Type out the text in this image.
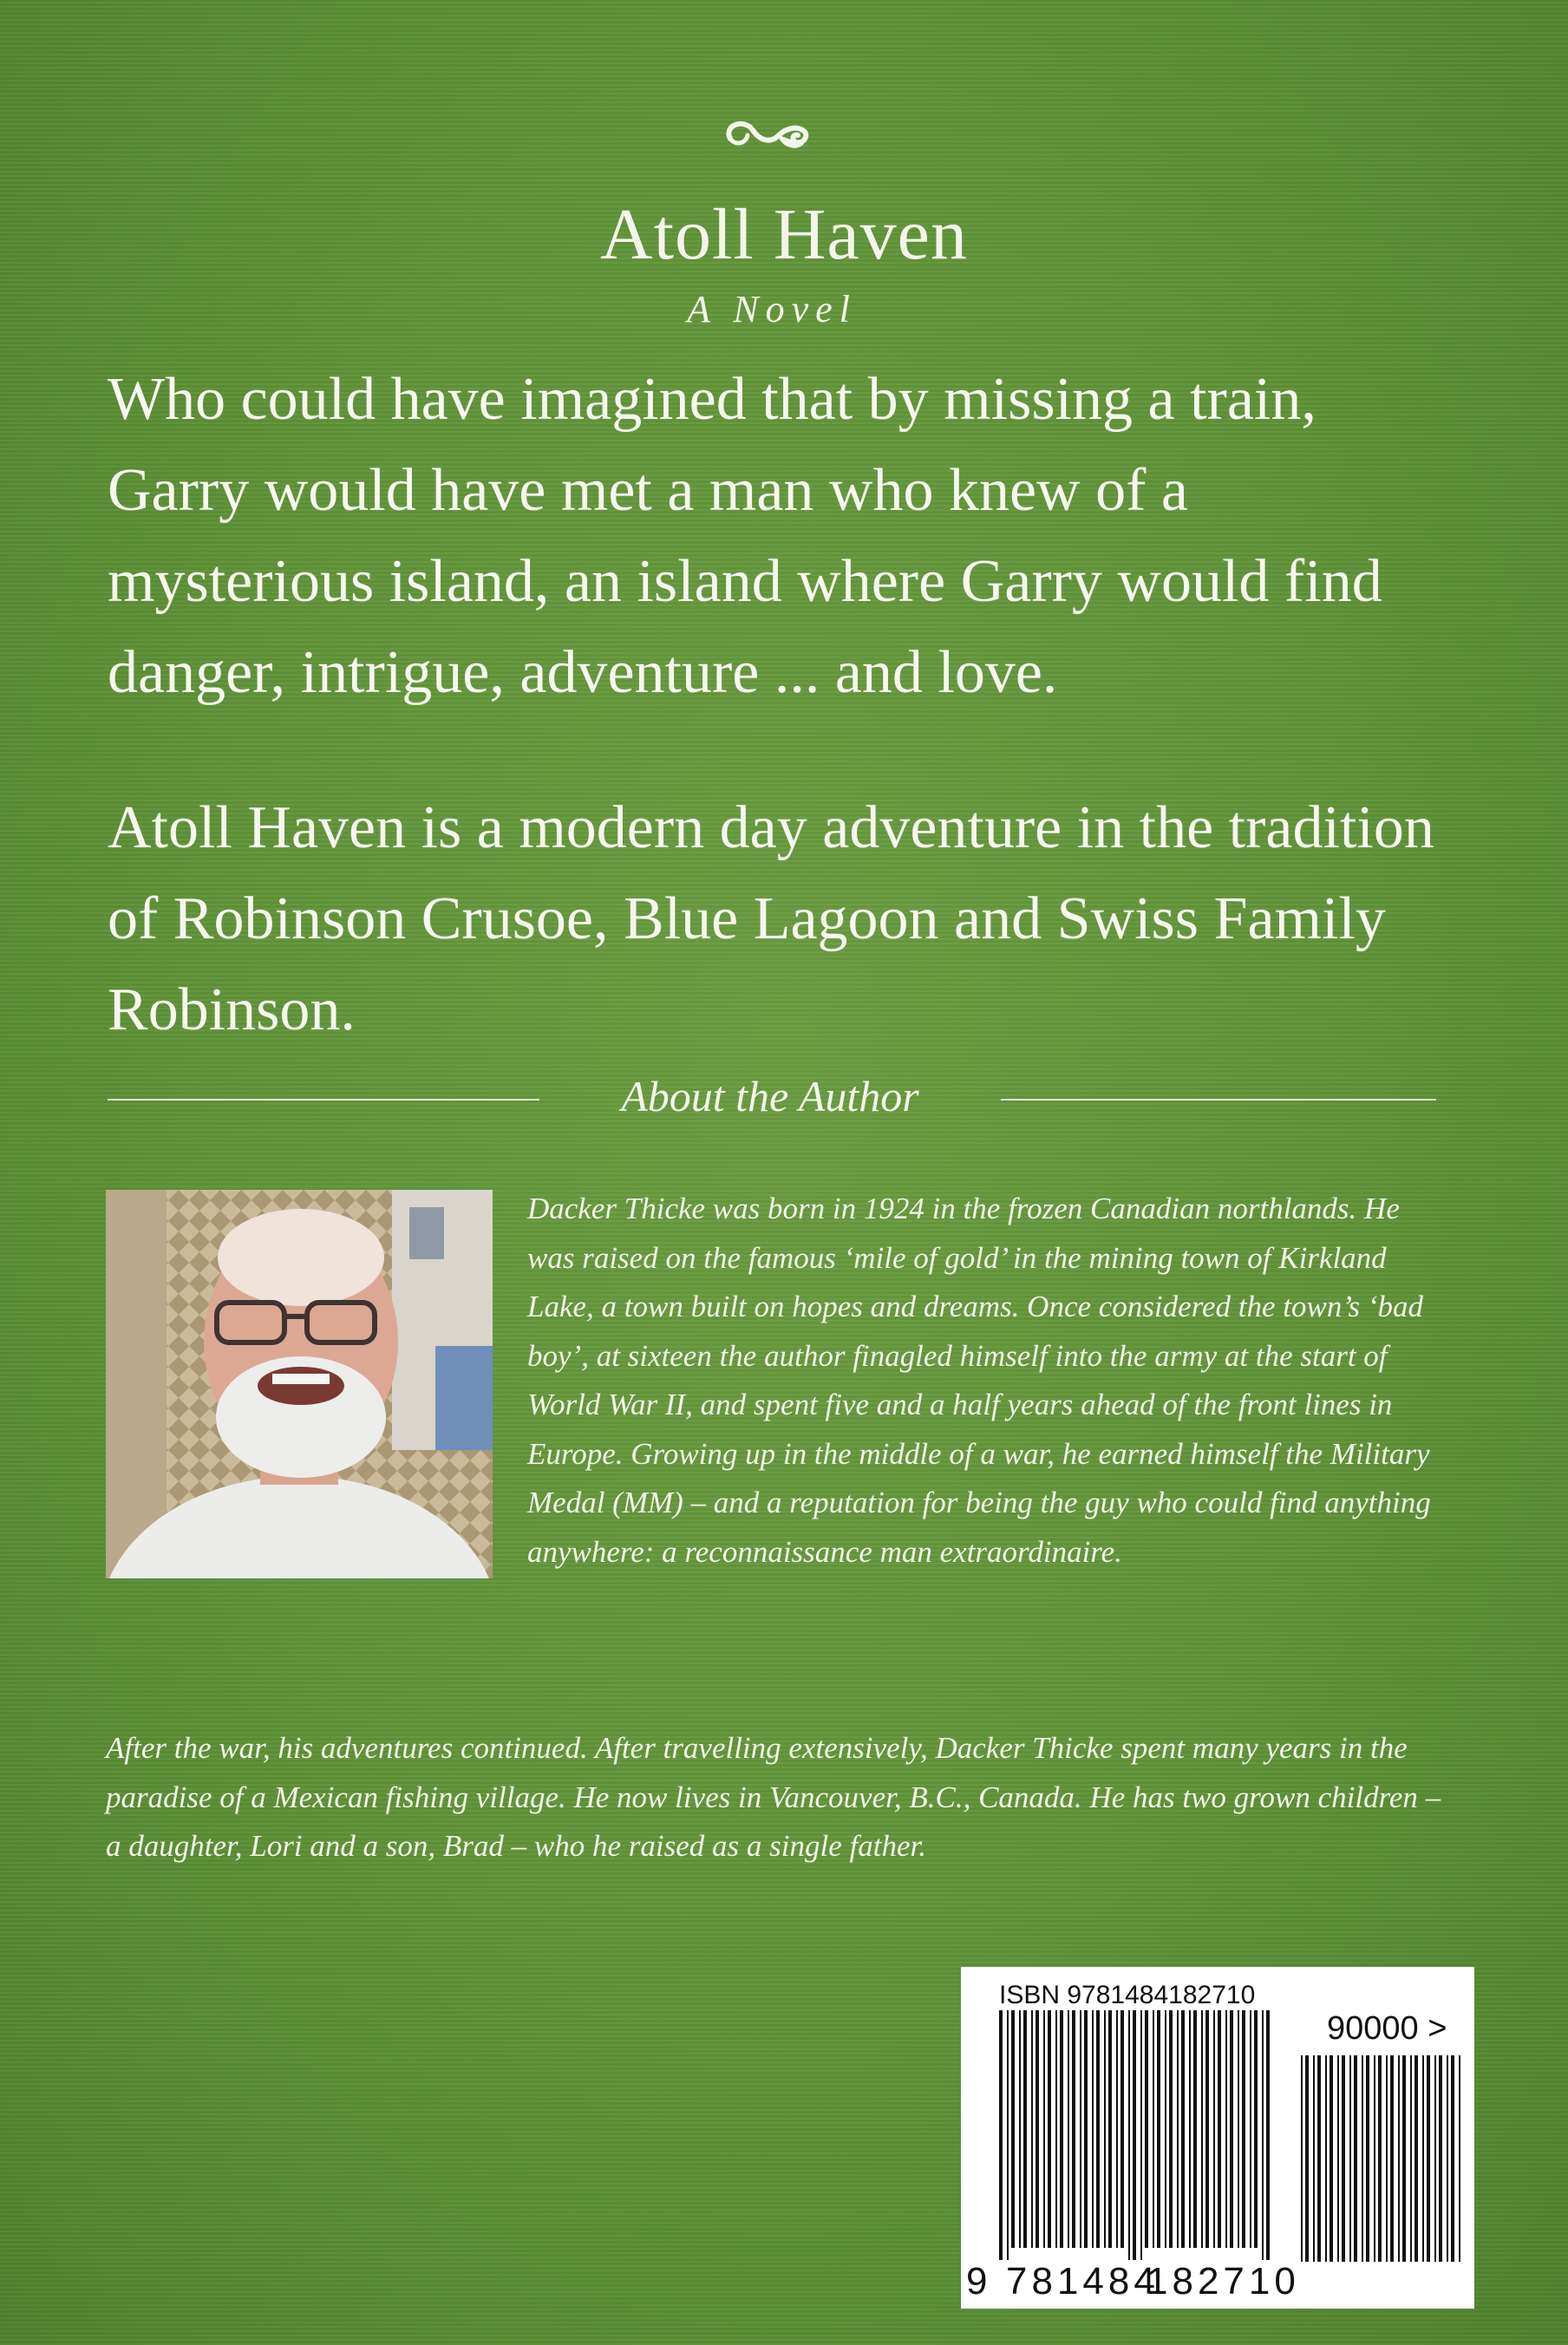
Atoll Haven
A Novel

Who could have imagined that by missing a train, Garry would have met a man who knew of a mysterious island, an island where Garry would find danger, intrigue, adventure ... and love.

Atoll Haven is a modern day adventure in the tradition of Robinson Crusoe, Blue Lagoon and Swiss Family Robinson.

About the Author

Dacker Thicke was born in 1924 in the frozen Canadian northlands. He was raised on the famous ‘mile of gold’ in the mining town of Kirkland Lake, a town built on hopes and dreams. Once considered the town’s ‘bad boy’, at sixteen the author finagled himself into the army at the start of World War II, and spent five and a half years ahead of the front lines in Europe. Growing up in the middle of a war, he earned himself the Military Medal (MM) – and a reputation for being the guy who could find anything anywhere: a reconnaissance man extraordinaire.

After the war, his adventures continued. After travelling extensively, Dacker Thicke spent many years in the paradise of a Mexican fishing village. He now lives in Vancouver, B.C., Canada. He has two grown children – a daughter, Lori and a son, Brad – who he raised as a single father.

ISBN 9781484182710
90000 >
9 781484
182710
